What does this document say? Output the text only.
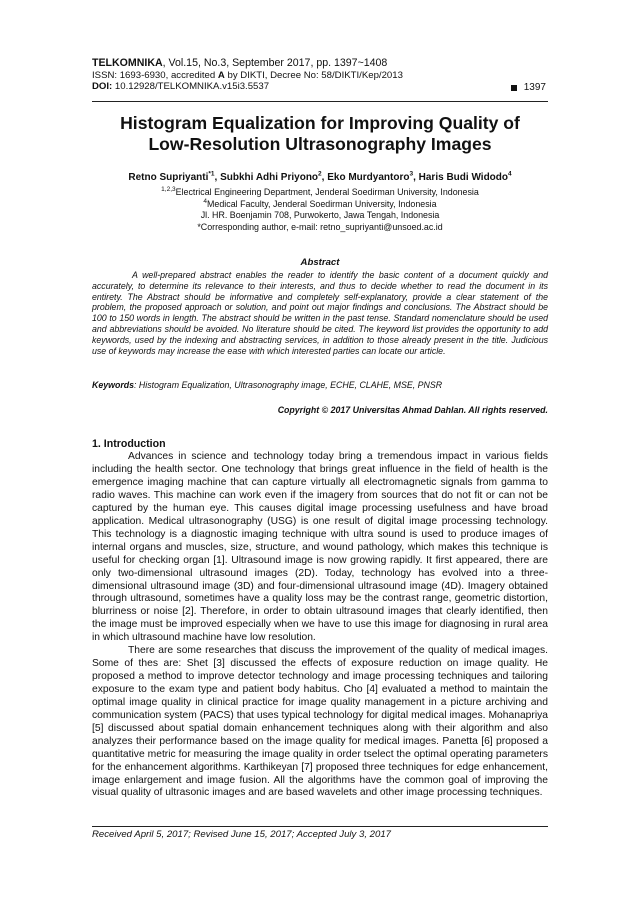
TELKOMNIKA, Vol.15, No.3, September 2017, pp. 1397~1408
ISSN: 1693-6930, accredited A by DIKTI, Decree No: 58/DIKTI/Kep/2013
DOI: 10.12928/TELKOMNIKA.v15i3.5537	1397
Histogram Equalization for Improving Quality of
Low-Resolution Ultrasonography Images
Retno Supriyanti$^{*1}$, Subkhi Adhi Priyono$^2$, Eko Murdyantoro$^3$, Haris Budi Widodo$^4$
$^{1,2,3}$Electrical Engineering Department, Jenderal Soedirman University, Indonesia
$^4$Medical Faculty, Jenderal Soedirman University, Indonesia
Jl. HR. Boenjamin 708, Purwokerto, Jawa Tengah, Indonesia
*Corresponding author, e-mail: retno_supriyanti@unsoed.ac.id
Abstract

A well-prepared abstract enables the reader to identify the basic content of a document quickly and accurately, to determine its relevance to their interests, and thus to decide whether to read the document in its entirety. The Abstract should be informative and completely self-explanatory, provide a clear statement of the problem, the proposed approach or solution, and point out major findings and conclusions. The Abstract should be 100 to 150 words in length. The abstract should be written in the past tense. Standard nomenclature should be used and abbreviations should be avoided. No literature should be cited. The keyword list provides the opportunity to add keywords, used by the indexing and abstracting services, in addition to those already present in the title. Judicious use of keywords may increase the ease with which interested parties can locate our article.

Keywords: Histogram Equalization, Ultrasonography image, ECHE, CLAHE, MSE, PNSR
Copyright © 2017 Universitas Ahmad Dahlan. All rights reserved.
1. Introduction

Advances in science and technology today bring a tremendous impact in various fields including the health sector. One technology that brings great influence in the field of health is the emergence imaging machine that can capture virtually all electromagnetic signals from gamma to radio waves. This machine can work even if the imagery from sources that do not fit or can not be captured by the human eye. This causes digital image processing usefulness and have broad application. Medical ultrasonography (USG) is one result of digital image processing technology. This technology is a diagnostic imaging technique with ultra sound is used to produce images of internal organs and muscles, size, structure, and wound pathology, which makes this technique is useful for checking organ [1]. Ultrasound image is now growing rapidly. It first appeared, there are only two-dimensional ultrasound images (2D). Today, technology has evolved into a three-dimensional ultrasound image (3D) and four-dimensional ultrasound image (4D). Imagery obtained through ultrasound, sometimes have a quality loss may be the contrast range, geometric distortion, blurriness or noise [2]. Therefore, in order to obtain ultrasound images that clearly identified, then the image must be improved especially when we have to use this image for diagnosing in rural area in which ultrasound machine have low resolution.

There are some researches that discuss the improvement of the quality of medical images. Some of thes are: Shet [3] discussed the effects of exposure reduction on image quality. He proposed a method to improve detector technology and image processing techniques and tailoring exposure to the exam type and patient body habitus. Cho [4] evaluated a method to maintain the optimal image quality in clinical practice for image quality management in a picture archiving and communication system (PACS) that uses typical technology for digital medical images. Mohanapriya [5] discussed about spatial domain enhancement techniques along with their algorithm and also analyzes their performance based on the image quality for medical images. Panetta [6] proposed a quantitative metric for measuring the image quality in order tselect the optimal operating parameters for the enhancement algorithms. Karthikeyan [7] proposed three techniques for edge enhancement, image enlargement and image fusion. All the algorithms have the common goal of improving the visual quality of ultrasonic images and are based wavelets and other image processing techniques.

Received April 5, 2017; Revised June 15, 2017; Accepted July 3, 2017
